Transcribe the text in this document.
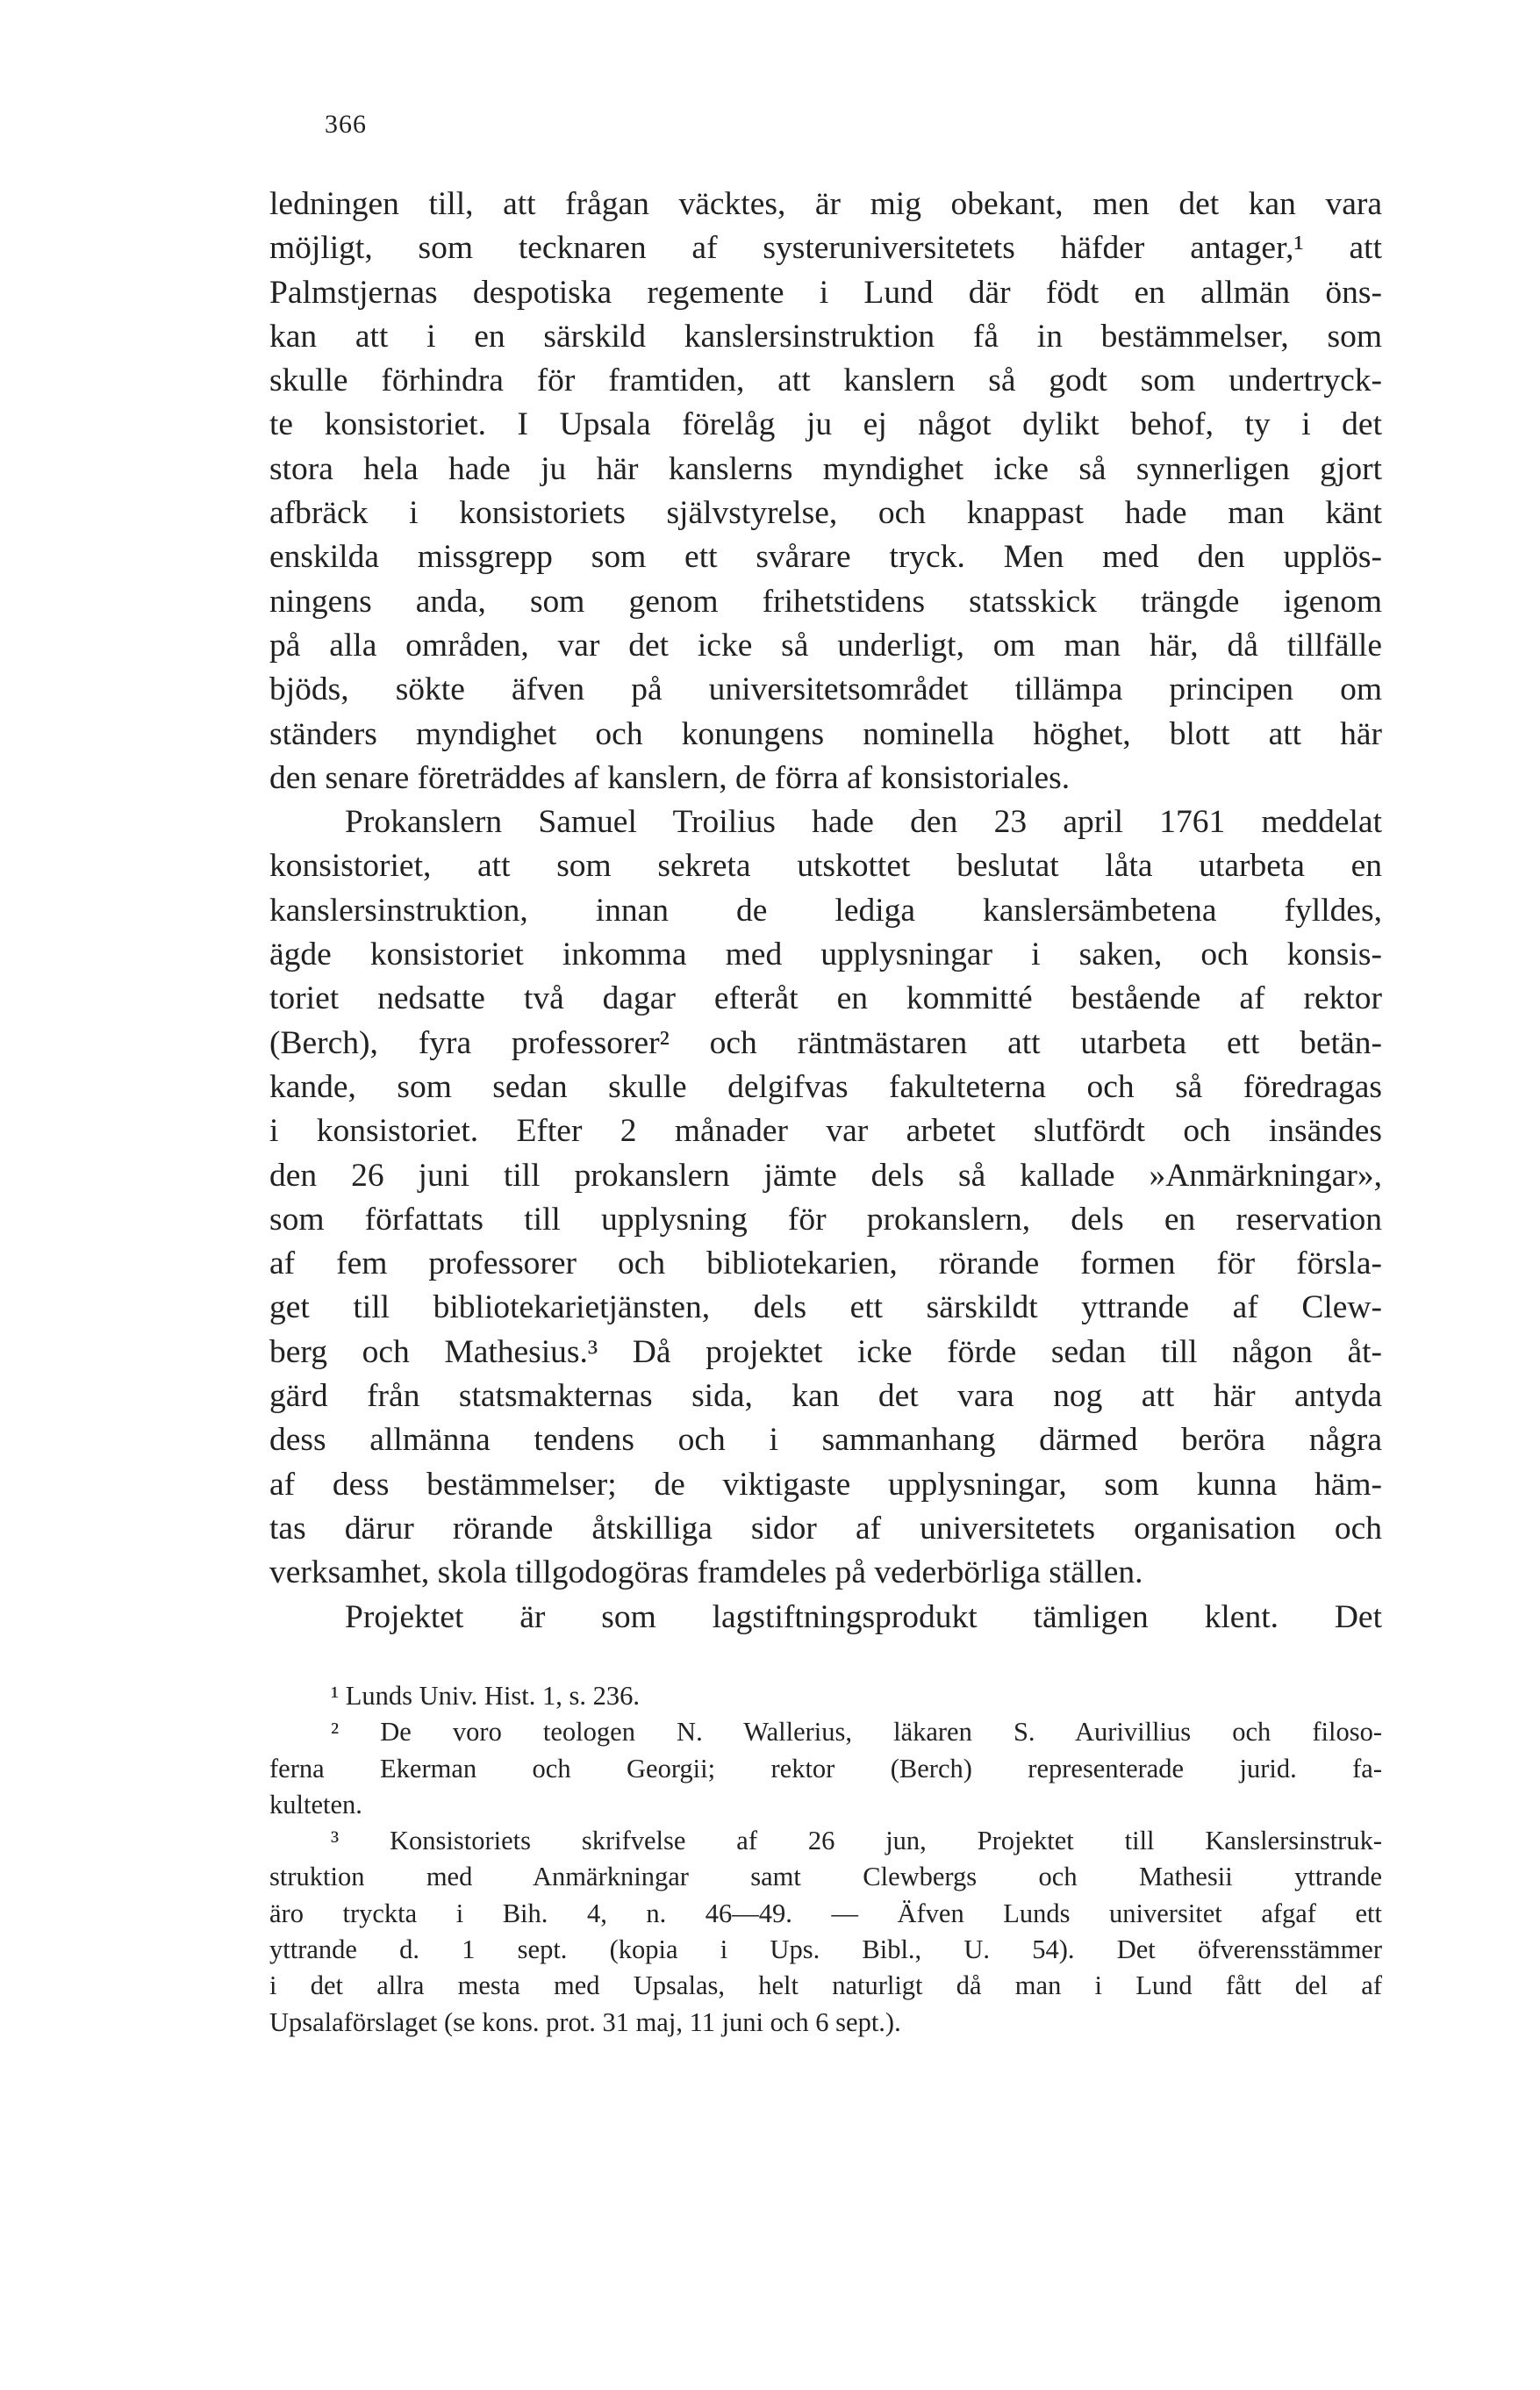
366
ledningen till, att frågan väcktes, är mig obekant, men det kan vara
möjligt, som tecknaren af systeruniversitetets häfder antager,¹ att
Palmstjernas despotiska regemente i Lund där födt en allmän öns-
kan att i en särskild kanslersinstruktion få in bestämmelser, som
skulle förhindra för framtiden, att kanslern så godt som undertryck-
te konsistoriet. I Upsala förelåg ju ej något dylikt behof, ty i det
stora hela hade ju här kanslerns myndighet icke så synnerligen gjort
afbräck i konsistoriets självstyrelse, och knappast hade man känt
enskilda missgrepp som ett svårare tryck. Men med den upplös-
ningens anda, som genom frihetstidens statsskick trängde igenom
på alla områden, var det icke så underligt, om man här, då tillfälle
bjöds, sökte äfven på universitetsområdet tillämpa principen om
ständers myndighet och konungens nominella höghet, blott att här
den senare företräddes af kanslern, de förra af konsistoriales.
Prokanslern Samuel Troilius hade den 23 april 1761 meddelat
konsistoriet, att som sekreta utskottet beslutat låta utarbeta en
kanslersinstruktion, innan de lediga kanslersämbetena fylldes,
ägde konsistoriet inkomma med upplysningar i saken, och konsis-
toriet nedsatte två dagar efteråt en kommitté bestående af rektor
(Berch), fyra professorer² och räntmästaren att utarbeta ett betän-
kande, som sedan skulle delgifvas fakulteterna och så föredragas
i konsistoriet. Efter 2 månader var arbetet slutfördt och insändes
den 26 juni till prokanslern jämte dels så kallade »Anmärkningar»,
som författats till upplysning för prokanslern, dels en reservation
af fem professorer och bibliotekarien, rörande formen för försla-
get till bibliotekarietjänsten, dels ett särskildt yttrande af Clew-
berg och Mathesius.³ Då projektet icke förde sedan till någon åt-
gärd från statsmakternas sida, kan det vara nog att här antyda
dess allmänna tendens och i sammanhang därmed beröra några
af dess bestämmelser; de viktigaste upplysningar, som kunna häm-
tas därur rörande åtskilliga sidor af universitetets organisation och
verksamhet, skola tillgodogöras framdeles på vederbörliga ställen.
Projektet är som lagstiftningsprodukt tämligen klent. Det
¹ Lunds Univ. Hist. 1, s. 236.
² De voro teologen N. Wallerius, läkaren S. Aurivillius och filoso-
ferna Ekerman och Georgii; rektor (Berch) representerade jurid. fa-
kulteten.
³ Konsistoriets skrifvelse af 26 jun, Projektet till Kanslersinstruk-
struktion med Anmärkningar samt Clewbergs och Mathesii yttrande
äro tryckta i Bih. 4, n. 46—49. — Äfven Lunds universitet afgaf ett
yttrande d. 1 sept. (kopia i Ups. Bibl., U. 54). Det öfverensstämmer
i det allra mesta med Upsalas, helt naturligt då man i Lund fått del af
Upsalaförslaget (se kons. prot. 31 maj, 11 juni och 6 sept.).
